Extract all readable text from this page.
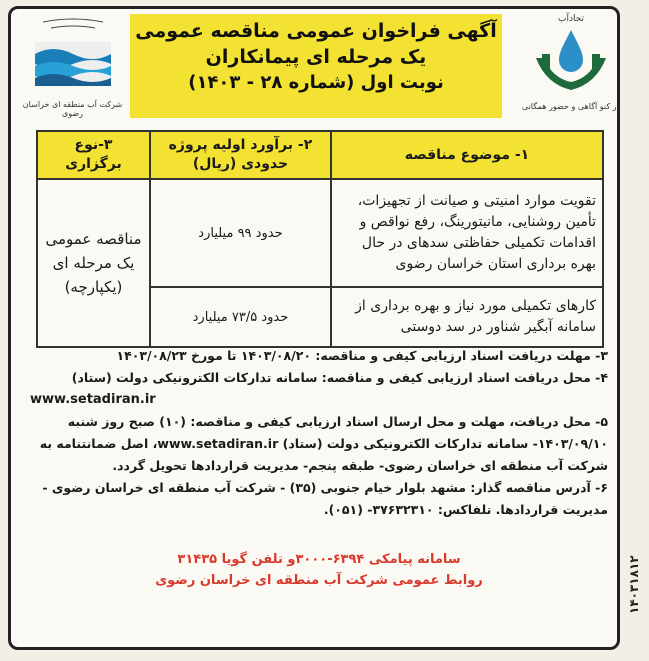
۱۴۰۳۱۸۱۲
تحادآب
در کنو آگاهی و حضور همگانی
شرکت آب منطقه ای خراسان رضوی
آگهی فراخوان عمومی مناقصه عمومی
یک مرحله ای پیمانکاران
نوبت اول (شماره ۲۸ - ۱۴۰۳)
۱- موضوع مناقصه	۲- برآورد اولیه پروژه حدودی (ریال)	۳-نوع برگزاری
تقویت موارد امنیتی و صیانت از تجهیزات، تأمین روشنایی، مانیتورینگ، رفع نواقص و اقدامات تکمیلی حفاظتی سدهای در حال بهره برداری استان خراسان رضوی	حدود ۹۹ میلیارد	مناقصه عمومی یک مرحله ای (یکپارچه)
کارهای تکمیلی مورد نیاز و بهره برداری از سامانه آبگیر شناور در سد دوستی	حدود ۷۳/۵ میلیارد	

۳- مهلت دریافت اسناد ارزیابی کیفی و مناقصه: ۱۴۰۳/۰۸/۲۰ تا مورخ ۱۴۰۳/۰۸/۲۳

۴- محل دریافت اسناد ارزیابی کیفی و مناقصه: سامانه تدارکات الکترونیکی دولت (ستاد)

www.setadiran.ir

۵- محل دریافت، مهلت و محل ارسال اسناد ارزیابی کیفی و مناقصه: (۱۰) صبح روز شنبه ۱۴۰۳/۰۹/۱۰- سامانه تدارکات الکترونیکی دولت (ستاد) www.setadiran.ir، اصل ضمانتنامه به شرکت آب منطقه ای خراسان رضوی- طبقه پنجم- مدیریت قراردادها تحویل گردد.

۶- آدرس مناقصه گذار: مشهد بلوار خیام جنوبی (۳۵) - شرکت آب منطقه ای خراسان رضوی - مدیریت قراردادها. تلفاکس: ۳۷۶۳۲۳۱۰- (۰۵۱).

سامانه پیامکی ۶۳۹۴-۳۰۰۰و تلفن گویا ۳۱۴۳۵
روابط عمومی شرکت آب منطقه ای خراسان رضوی
